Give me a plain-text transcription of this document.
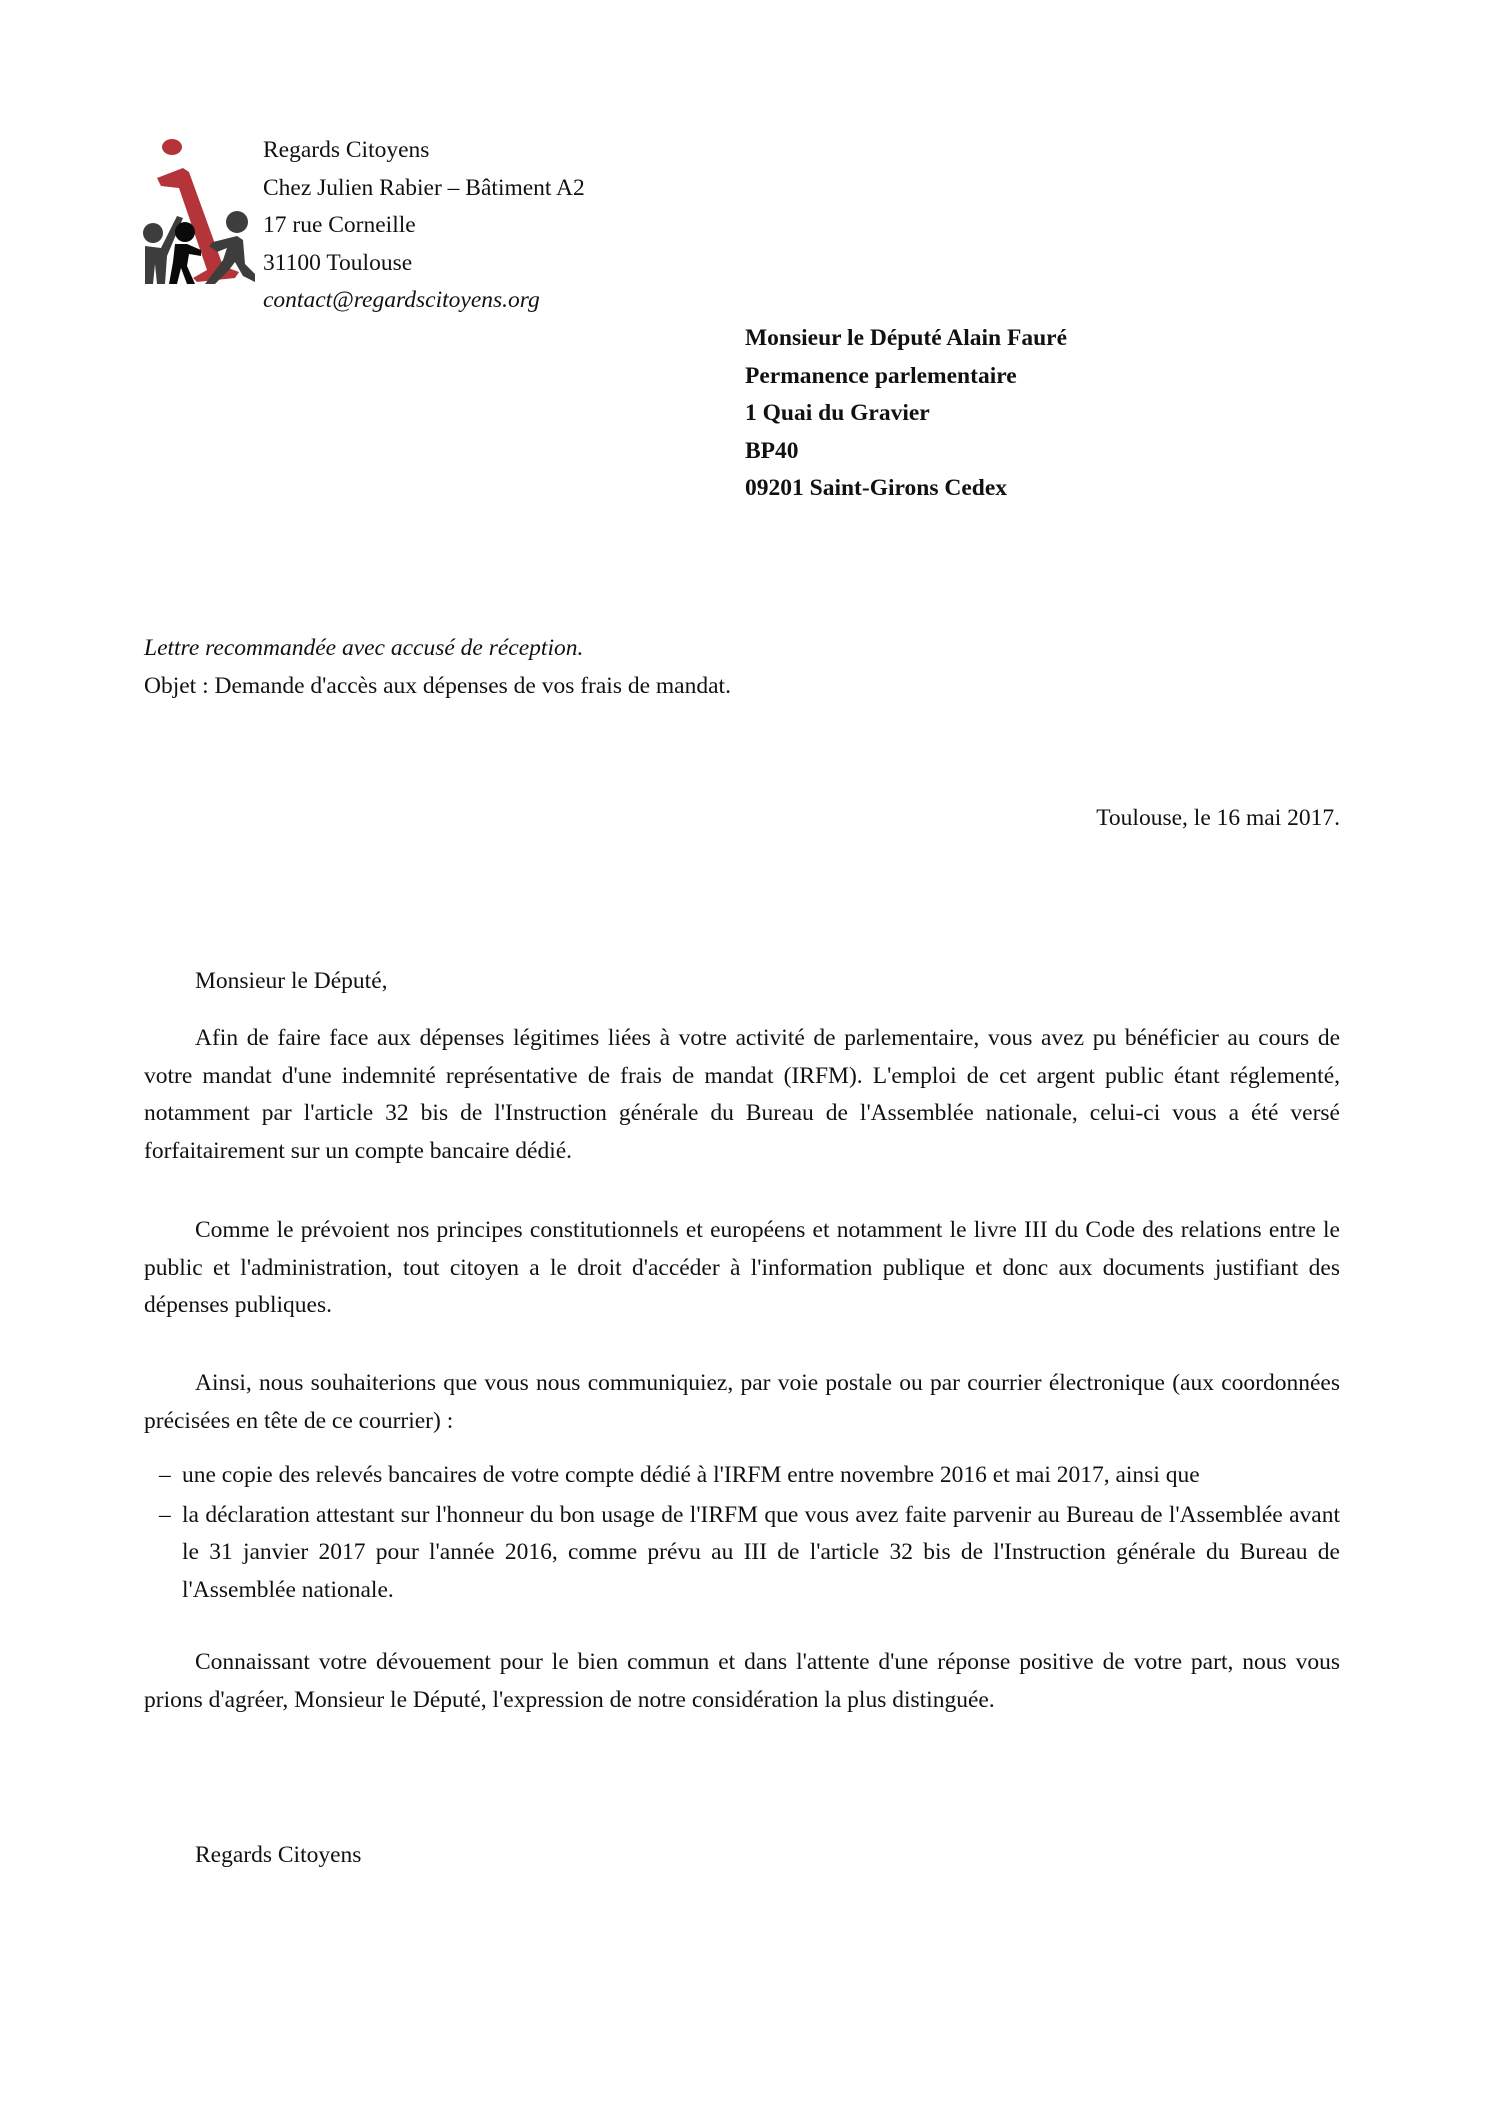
Regards Citoyens
Chez Julien Rabier – Bâtiment A2
17 rue Corneille
31100 Toulouse
contact@regardscitoyens.org
Monsieur le Député Alain Fauré
Permanence parlementaire
1 Quai du Gravier
BP40
09201 Saint-Girons Cedex
Lettre recommandée avec accusé de réception.
Objet : Demande d'accès aux dépenses de vos frais de mandat.
Toulouse, le 16 mai 2017.
Monsieur le Député,
Afin de faire face aux dépenses légitimes liées à votre activité de parlementaire, vous avez pu bénéficier au cours de votre mandat d'une indemnité représentative de frais de mandat (IRFM). L'emploi de cet argent public étant réglementé, notamment par l'article 32 bis de l'Instruction générale du Bureau de l'Assemblée nationale, celui-ci vous a été versé forfaitairement sur un compte bancaire dédié.
Comme le prévoient nos principes constitutionnels et européens et notamment le livre III du Code des relations entre le public et l'administration, tout citoyen a le droit d'accéder à l'information publique et donc aux documents justifiant des dépenses publiques.
Ainsi, nous souhaiterions que vous nous communiquiez, par voie postale ou par courrier électronique (aux coordonnées précisées en tête de ce courrier) :
– une copie des relevés bancaires de votre compte dédié à l'IRFM entre novembre 2016 et mai 2017, ainsi que
– la déclaration attestant sur l'honneur du bon usage de l'IRFM que vous avez faite parvenir au Bureau de l'Assemblée avant le 31 janvier 2017 pour l'année 2016, comme prévu au III de l'article 32 bis de l'Instruction générale du Bureau de l'Assemblée nationale.
Connaissant votre dévouement pour le bien commun et dans l'attente d'une réponse positive de votre part, nous vous prions d'agréer, Monsieur le Député, l'expression de notre considération la plus distinguée.
Regards Citoyens
